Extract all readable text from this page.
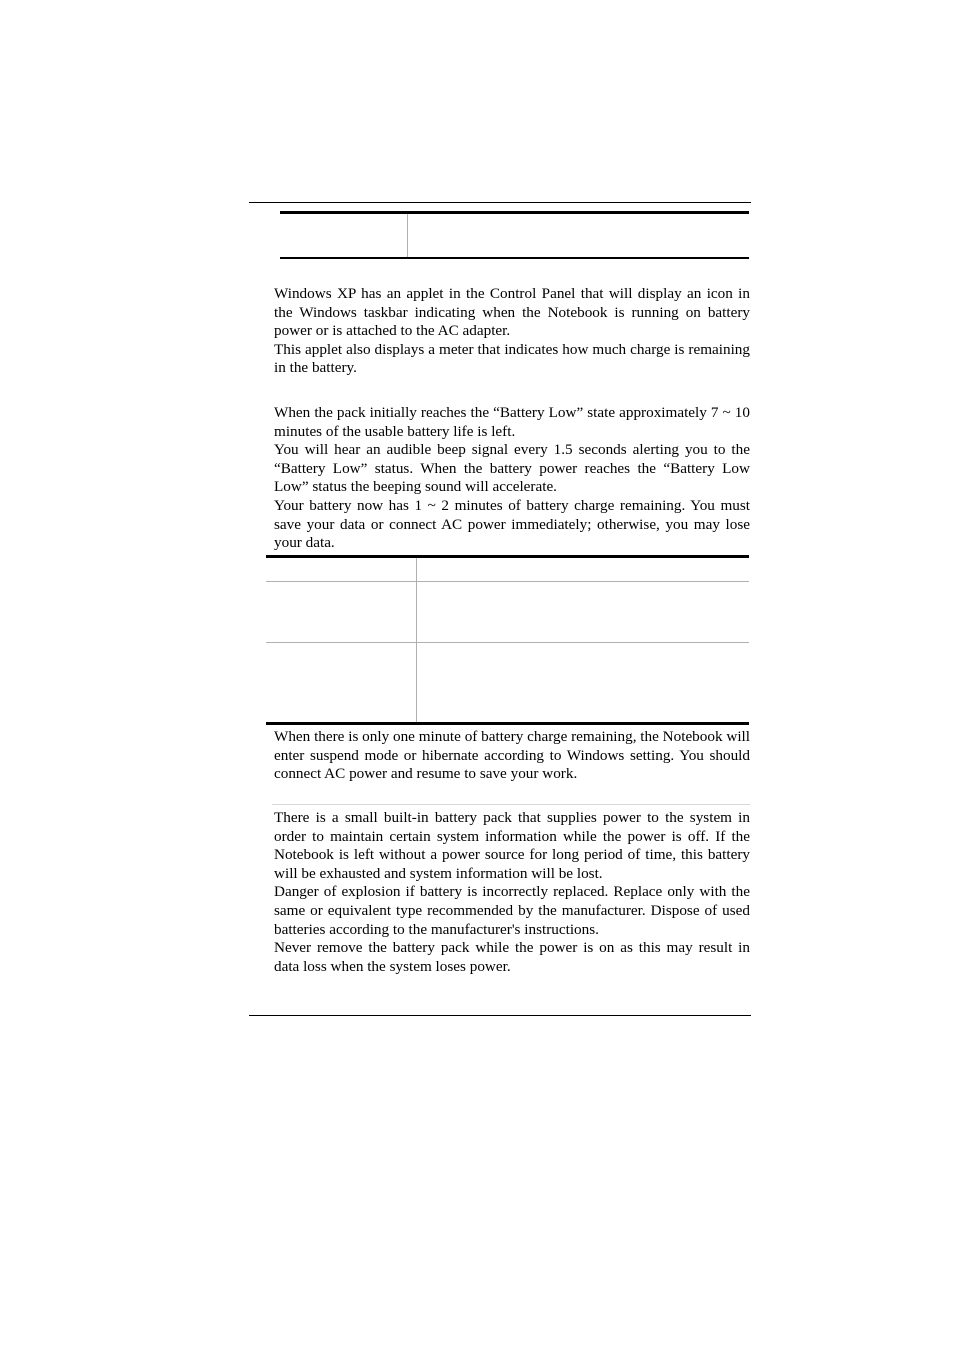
Windows XP has an applet in the Control Panel that will display an icon in the Windows taskbar indicating when the Notebook is running on battery power or is attached to the AC adapter.

This applet also displays a meter that indicates how much charge is remaining in the battery.

When the pack initially reaches the “Battery Low” state approximately 7 ~ 10 minutes of the usable battery life is left.

You will hear an audible beep signal every 1.5 seconds alerting you to the “Battery Low” status. When the battery power reaches the “Battery Low Low” status the beeping sound will accelerate.

Your battery now has 1 ~ 2 minutes of battery charge remaining. You must save your data or connect AC power immediately; otherwise, you may lose your data.

When there is only one minute of battery charge remaining, the Notebook will enter suspend mode or hibernate according to Windows setting. You should connect AC power and resume to save your work.

There is a small built-in battery pack that supplies power to the system in order to maintain certain system information while the power is off. If the Notebook is left without a power source for long period of time, this battery will be exhausted and system information will be lost.

Danger of explosion if battery is incorrectly replaced. Replace only with the same or equivalent type recommended by the manufacturer. Dispose of used batteries according to the manufacturer's instructions.

Never remove the battery pack while the power is on as this may result in data loss when the system loses power.
